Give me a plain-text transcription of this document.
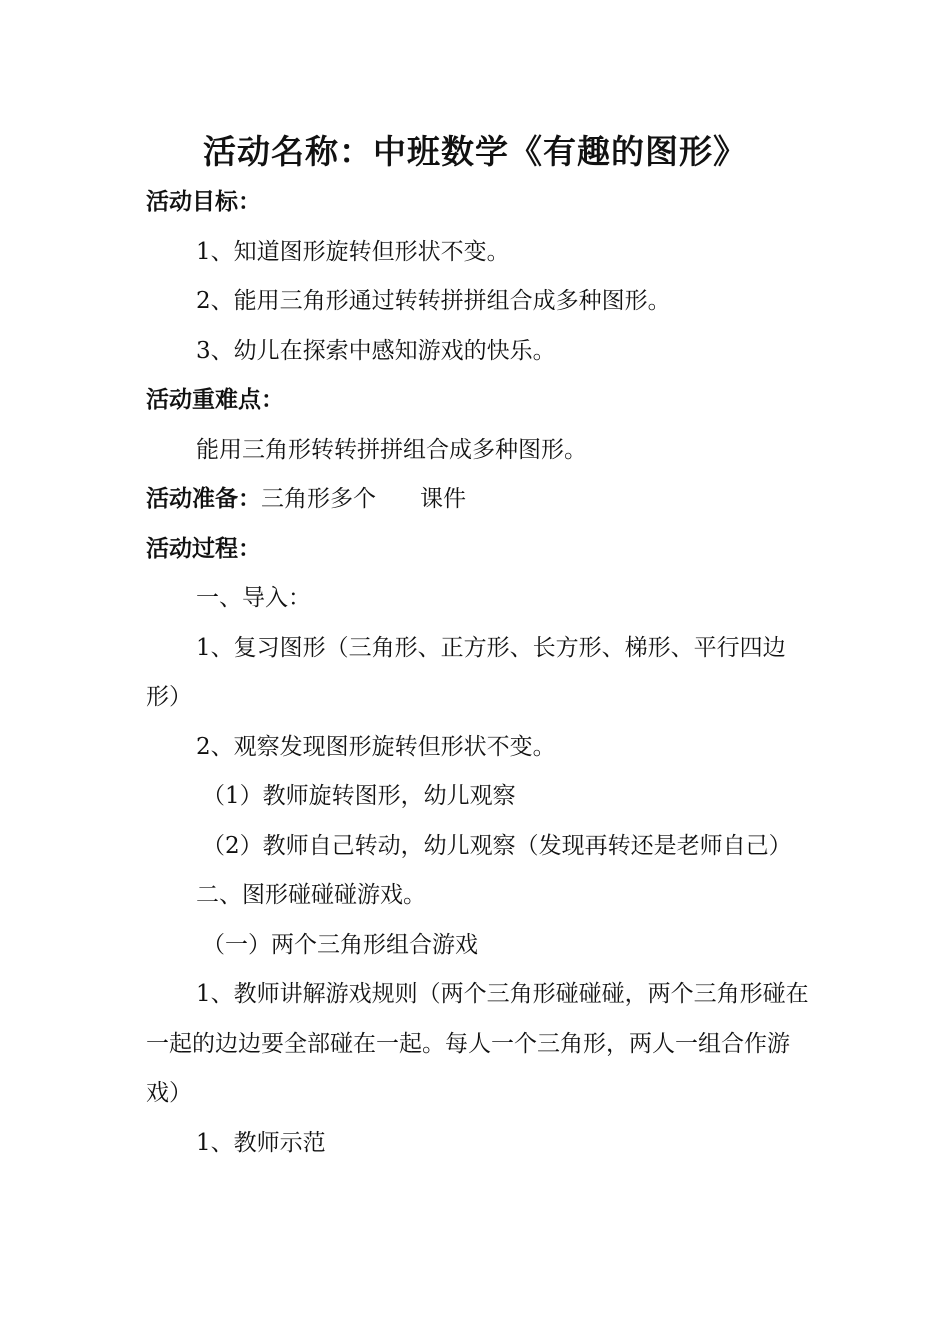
活动名称：中班数学《有趣的图形》

活动目标：

1、知道图形旋转但形状不变。

2、能用三角形通过转转拼拼组合成多种图形。

3、幼儿在探索中感知游戏的快乐。

活动重难点：

能用三角形转转拼拼组合成多种图形。

活动准备：三角形多个 课件

活动过程：

一、导入：

1、复习图形（三角形、正方形、长方形、梯形、平行四边形）

2、观察发现图形旋转但形状不变。

（1）教师旋转图形，幼儿观察

（2）教师自己转动，幼儿观察（发现再转还是老师自己）

二、图形碰碰碰游戏。

（一）两个三角形组合游戏

1、教师讲解游戏规则（两个三角形碰碰碰，两个三角形碰在一起的边边要全部碰在一起。每人一个三角形，两人一组合作游戏）

1、教师示范
